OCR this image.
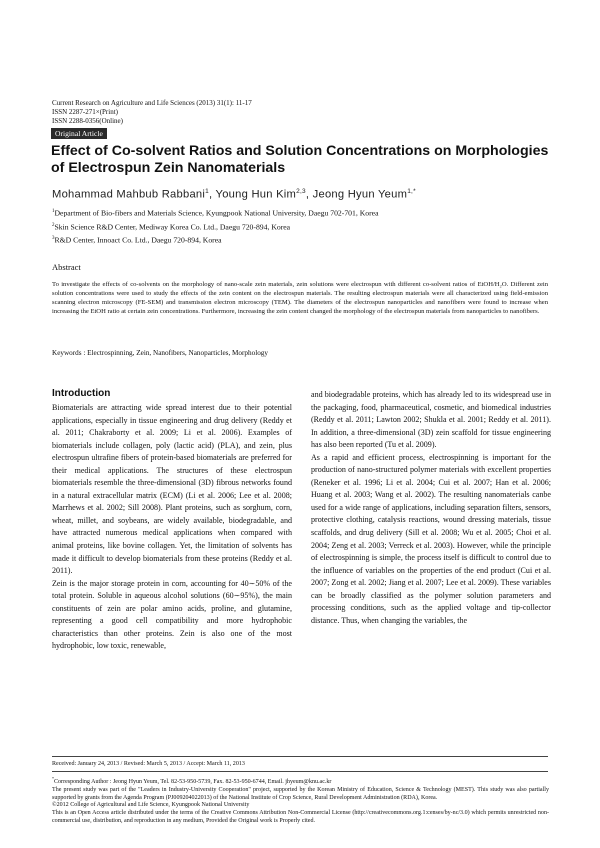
Current Research on Agriculture and Life Sciences (2013) 31(1): 11-17
ISSN 2287-271×(Print)
ISSN 2288-0356(Online)
Original Article
Effect of Co-solvent Ratios and Solution Concentrations on Morphologies of Electrospun Zein Nanomaterials
Mohammad Mahbub Rabbani$^1$, Young Hun Kim$^{2,3}$, Jeong Hyun Yeum$^{1,*}$
$^1$Department of Bio-fibers and Materials Science, Kyungpook National University, Daegu 702-701, Korea
$^2$Skin Science R&D Center, Mediway Korea Co. Ltd., Daegu 720-894, Korea
$^3$R&D Center, Innoact Co. Ltd., Daegu 720-894, Korea
Abstract
To investigate the effects of co-solvents on the morphology of nano-scale zein materials, zein solutions were electrospun with different co-solvent ratios of EtOH/H₂O. Different zein solution concentrations were used to study the effects of the zein content on the electrospun materials. The resulting electrospun materials were all characterized using field-emission scanning electron microscopy (FE-SEM) and transmission electron microscopy (TEM). The diameters of the electrospun nanoparticles and nanofibers were found to increase when increasing the EtOH ratio at certain zein concentrations. Furthermore, increasing the zein content changed the morphology of the electrospun materials from nanoparticles to nanofibers.
Keywords : Electrospinning, Zein, Nanofibers, Nanoparticles, Morphology
Introduction

Biomaterials are attracting wide spread interest due to their potential applications, especially in tissue engineering and drug delivery (Reddy et al. 2011; Chakraborty et al. 2009; Li et al. 2006). Examples of biomaterials include collagen, poly (lactic acid) (PLA), and zein, plus electrospun ultrafine fibers of protein-based biomaterials are preferred for their medical applications. The structures of these electrospun biomaterials resemble the three-dimensional (3D) fibrous networks found in a natural extracellular matrix (ECM) (Li et al. 2006; Lee et al. 2008; Marrhews et al. 2002; Sill 2008). Plant proteins, such as sorghum, corn, wheat, millet, and soybeans, are widely available, biodegradable, and have attracted numerous medical applications when compared with animal proteins, like bovine collagen. Yet, the limitation of solvents has made it difficult to develop biomaterials from these proteins (Reddy et al. 2011).

Zein is the major storage protein in corn, accounting for 40∼50% of the total protein. Soluble in aqueous alcohol solutions (60∼95%), the main constituents of zein are polar amino acids, proline, and glutamine, representing a good cell compatibility and more hydrophobic characteristics than other proteins. Zein is also one of the most hydrophobic, low toxic, renewable,

and biodegradable proteins, which has already led to its widespread use in the packaging, food, pharmaceutical, cosmetic, and biomedical industries (Reddy et al. 2011; Lawton 2002; Shukla et al. 2001; Reddy et al. 2011). In addition, a three-dimensional (3D) zein scaffold for tissue engineering has also been reported (Tu et al. 2009).

As a rapid and efficient process, electrospinning is important for the production of nano-structured polymer materials with excellent properties (Reneker et al. 1996; Li et al. 2004; Cui et al. 2007; Han et al. 2006; Huang et al. 2003; Wang et al. 2002). The resulting nanomaterials canbe used for a wide range of applications, including separation filters, sensors, protective clothing, catalysis reactions, wound dressing materials, tissue scaffolds, and drug delivery (Sill et al. 2008; Wu et al. 2005; Choi et al. 2004; Zeng et al. 2003; Verreck et al. 2003). However, while the principle of electrospinning is simple, the process itself is difficult to control due to the influence of variables on the properties of the end product (Cui et al. 2007; Zong et al. 2002; Jiang et al. 2007; Lee et al. 2009). These variables can be broadly classified as the polymer solution parameters and processing conditions, such as the applied voltage and tip-collector distance. Thus, when changing the variables, the

Received: January 24, 2013 / Revised: March 5, 2013 / Accept: March 11, 2013

*Corresponding Author : Jeong Hyun Yeum, Tel. 82-53-950-5739, Fax. 82-53-950-6744, Email. jhyeum@knu.ac.kr

The present study was part of the "Leaders in Industry-University Cooperation" project, supported by the Korean Ministry of Education, Science & Technology (MEST). This study was also partially supported by grants from the Agenda Program (PJ009204022013) of the National Institute of Crop Science, Rural Development Administration (RDA), Korea.

©2012 College of Agricultural and Life Science, Kyungpook National University

This is an Open Access article distributed under the terms of the Creative Commons Attribution Non-Commercial License (http://creativecommons.org.1:censes/by-nc/3.0) which permits unrestricted non-commercial use, distribution, and reproduction in any medium, Provided the Original work is Properly cited.
